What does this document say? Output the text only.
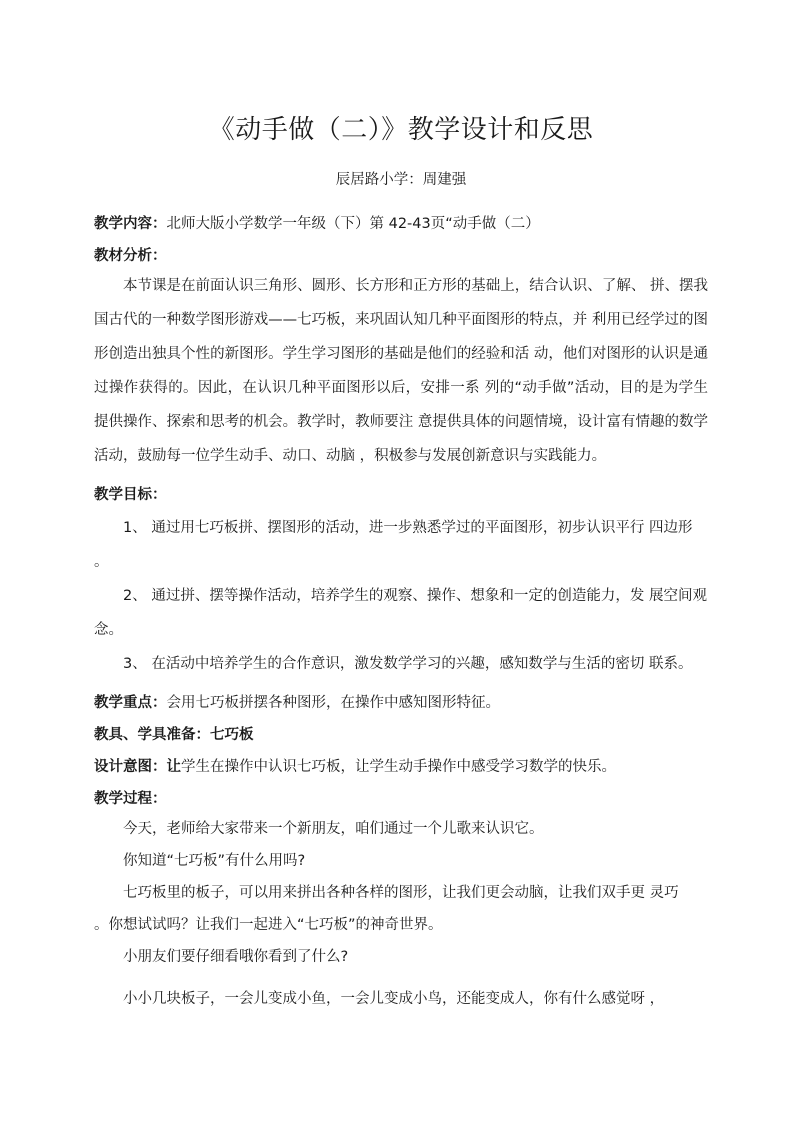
《动手做（二）》教学设计和反思

辰居路小学：周建强

教学内容：北师大版小学数学一年级（下）第 42-43页“动手做（二）

教材分析：

本节课是在前面认识三角形、圆形、长方形和正方形的基础上，结合认识、了解、 拼、摆我国古代的一种数学图形游戏——七巧板，来巩固认知几种平面图形的特点，并 利用已经学过的图形创造出独具个性的新图形。学生学习图形的基础是他们的经验和活 动，他们对图形的认识是通过操作获得的。因此，在认识几种平面图形以后，安排一系 列的“动手做”活动，目的是为学生提供操作、探索和思考的机会。教学时，教师要注 意提供具体的问题情境，设计富有情趣的数学活动，鼓励每一位学生动手、动口、动脑 ，积极参与发展创新意识与实践能力。

教学目标：

1、 通过用七巧板拼、摆图形的活动，进一步熟悉学过的平面图形，初步认识平行 四边形
。

2、 通过拼、摆等操作活动，培养学生的观察、操作、想象和一定的创造能力，发 展空间观念。

3、 在活动中培养学生的合作意识，激发数学学习的兴趣，感知数学与生活的密切 联系。

教学重点：会用七巧板拼摆各种图形，在操作中感知图形特征。

教具、学具准备：七巧板

设计意图：让学生在操作中认识七巧板，让学生动手操作中感受学习数学的快乐。

教学过程：

今天，老师给大家带来一个新朋友，咱们通过一个儿歌来认识它。

你知道“七巧板”有什么用吗?

七巧板里的板子，可以用来拼出各种各样的图形，让我们更会动脑，让我们双手更 灵巧
。你想试试吗？让我们一起进入“七巧板”的神奇世界。

小朋友们要仔细看哦你看到了什么?

小小几块板子，一会儿变成小鱼，一会儿变成小鸟，还能变成人，你有什么感觉呀 ，
